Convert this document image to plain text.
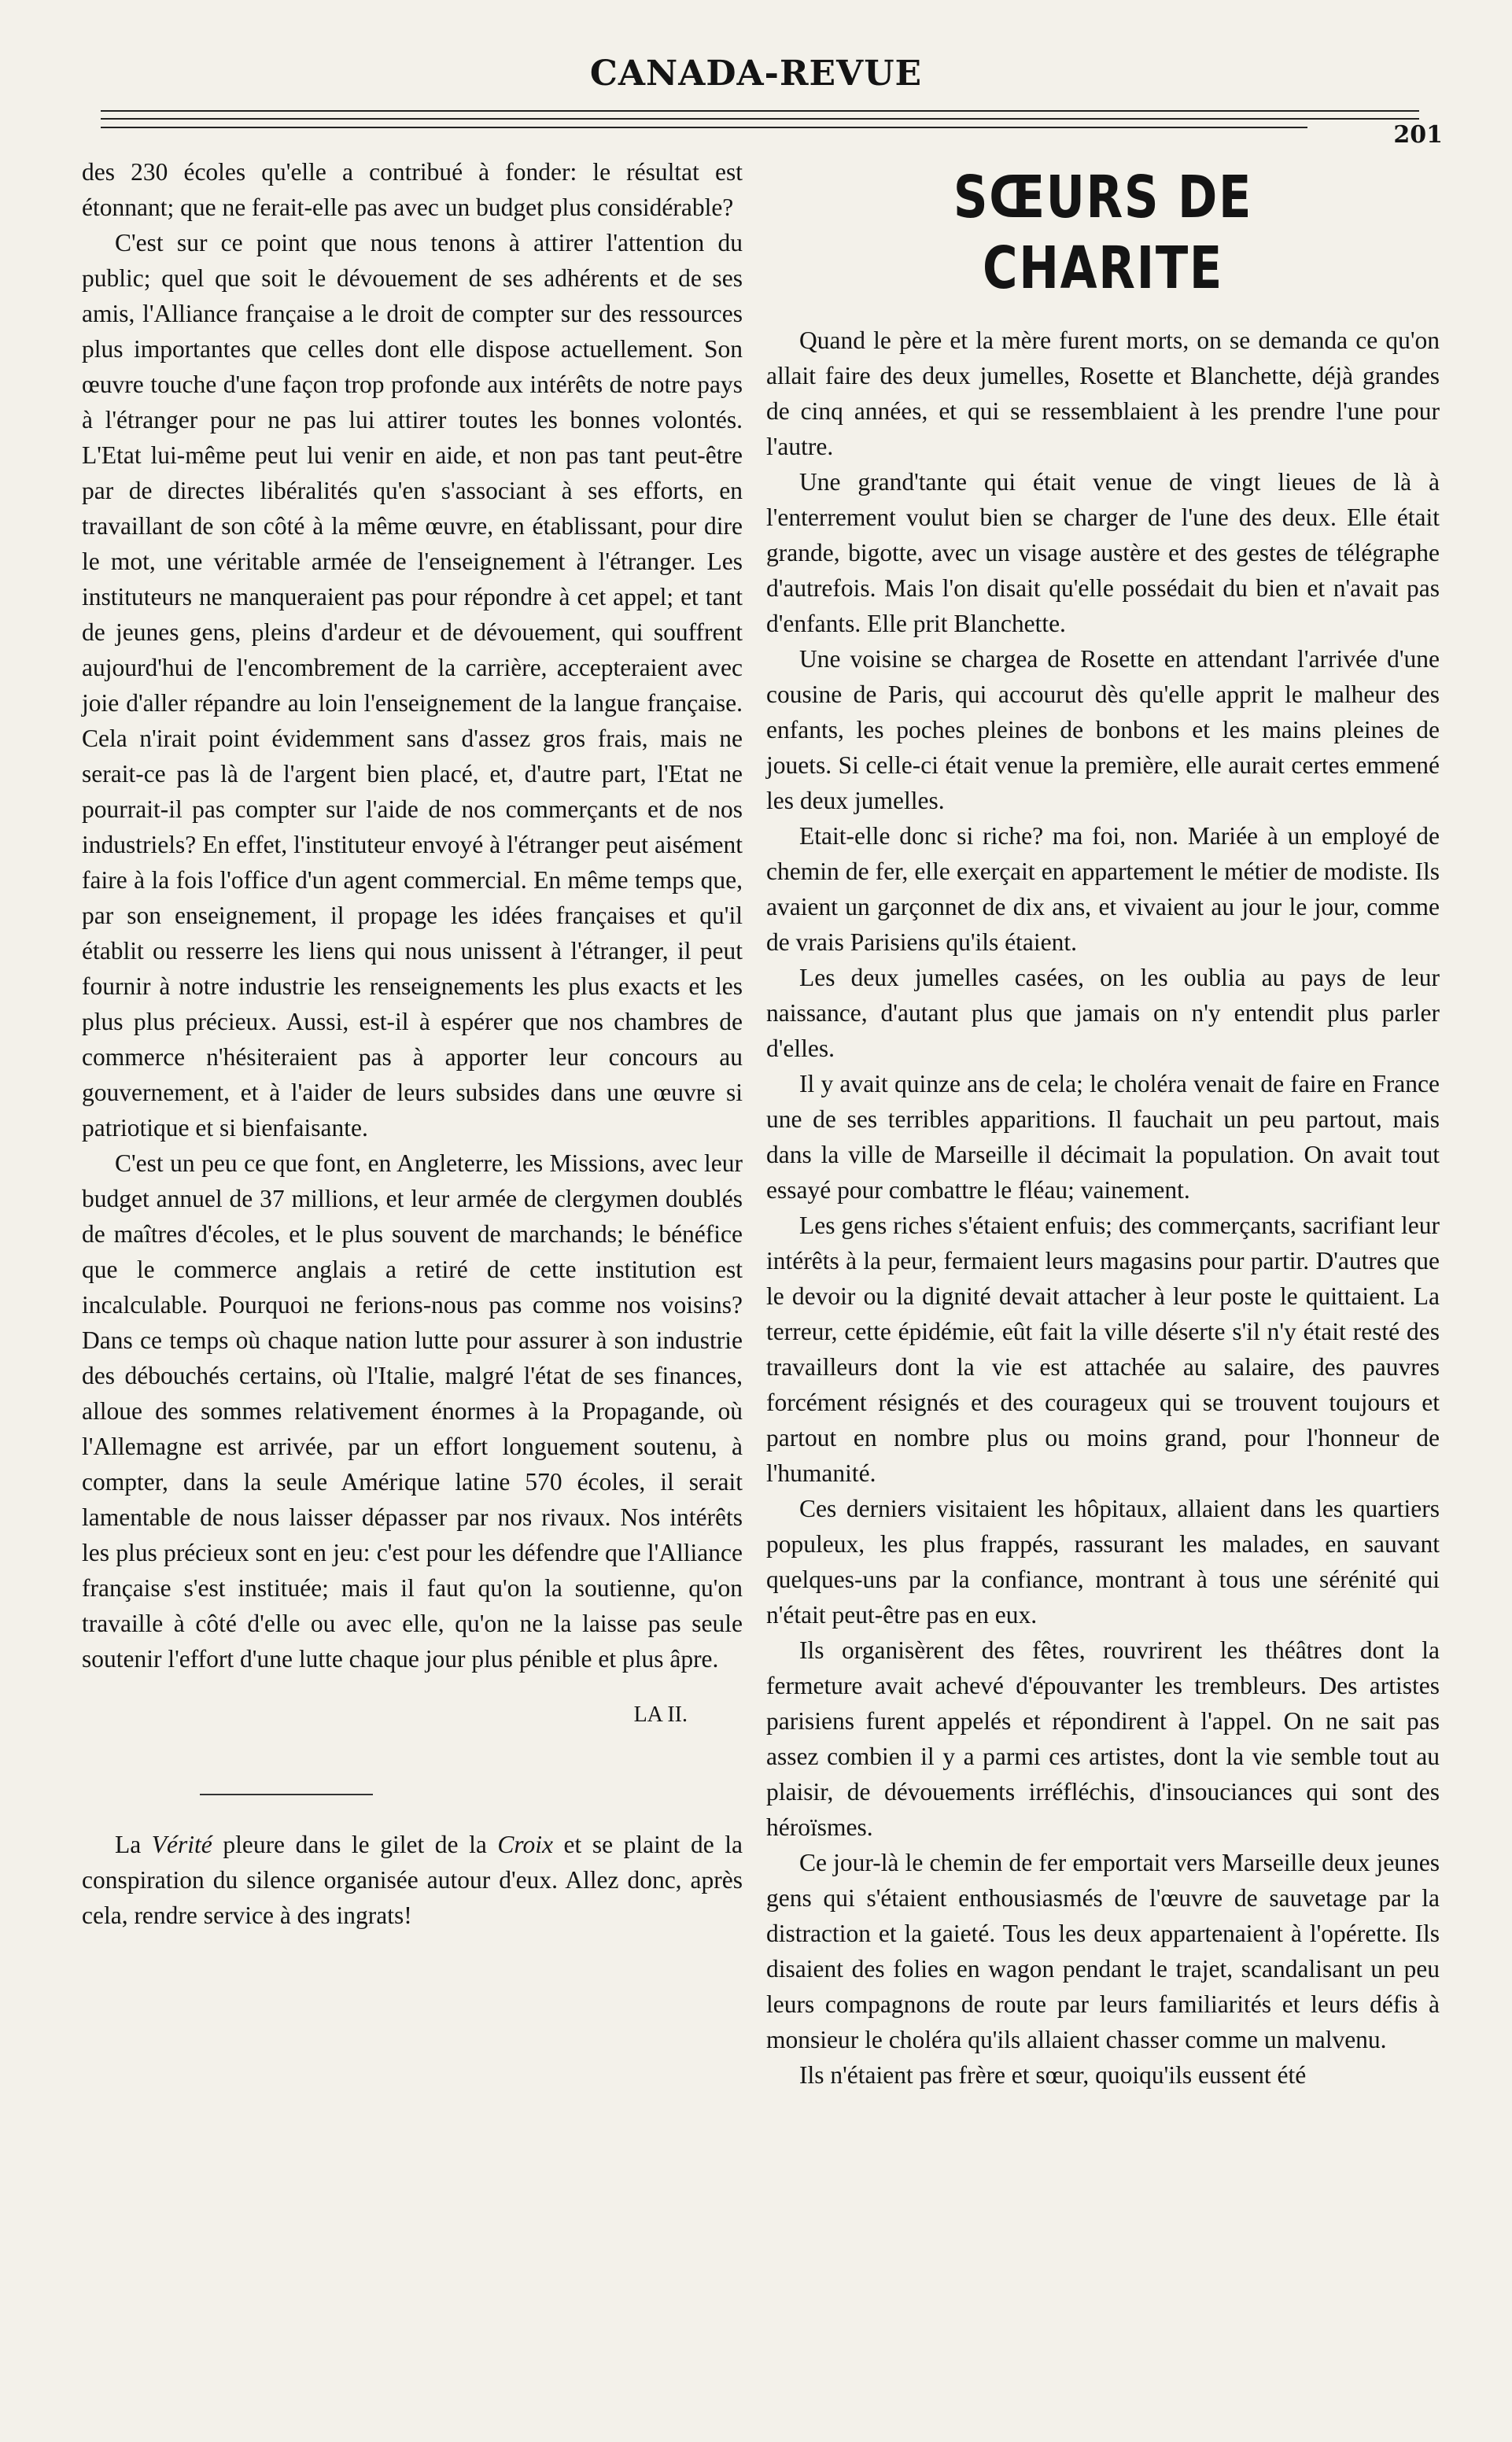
CANADA-REVUE
201

des 230 écoles qu'elle a contribué à fonder: le résultat est étonnant; que ne ferait-elle pas avec un budget plus considérable?

C'est sur ce point que nous tenons à attirer l'attention du public; quel que soit le dévouement de ses adhérents et de ses amis, l'Alliance française a le droit de compter sur des ressources plus importantes que celles dont elle dispose actuellement. Son œuvre touche d'une façon trop profonde aux intérêts de notre pays à l'étranger pour ne pas lui attirer toutes les bonnes volontés. L'Etat lui-même peut lui venir en aide, et non pas tant peut-être par de directes libéralités qu'en s'associant à ses efforts, en travaillant de son côté à la même œuvre, en établissant, pour dire le mot, une véritable armée de l'enseignement à l'étranger. Les instituteurs ne manqueraient pas pour répondre à cet appel; et tant de jeunes gens, pleins d'ardeur et de dévouement, qui souffrent aujourd'hui de l'encombrement de la carrière, accepteraient avec joie d'aller répandre au loin l'enseignement de la langue française. Cela n'irait point évidemment sans d'assez gros frais, mais ne serait-ce pas là de l'argent bien placé, et, d'autre part, l'Etat ne pourrait-il pas compter sur l'aide de nos commerçants et de nos industriels? En effet, l'instituteur envoyé à l'étranger peut aisément faire à la fois l'office d'un agent commercial. En même temps que, par son enseignement, il propage les idées françaises et qu'il établit ou resserre les liens qui nous unissent à l'étranger, il peut fournir à notre industrie les renseignements les plus exacts et les plus plus précieux. Aussi, est-il à espérer que nos chambres de commerce n'hésiteraient pas à apporter leur concours au gouvernement, et à l'aider de leurs subsides dans une œuvre si patriotique et si bienfaisante.

C'est un peu ce que font, en Angleterre, les Missions, avec leur budget annuel de 37 millions, et leur armée de clergymen doublés de maîtres d'écoles, et le plus souvent de marchands; le bénéfice que le commerce anglais a retiré de cette institution est incalculable. Pourquoi ne ferions-nous pas comme nos voisins? Dans ce temps où chaque nation lutte pour assurer à son industrie des débouchés certains, où l'Italie, malgré l'état de ses finances, alloue des sommes relativement énormes à la Propagande, où l'Allemagne est arrivée, par un effort longuement soutenu, à compter, dans la seule Amérique latine 570 écoles, il serait lamentable de nous laisser dépasser par nos rivaux. Nos intérêts les plus précieux sont en jeu: c'est pour les défendre que l'Alliance française s'est instituée; mais il faut qu'on la soutienne, qu'on travaille à côté d'elle ou avec elle, qu'on ne la laisse pas seule soutenir l'effort d'une lutte chaque jour plus pénible et plus âpre.

LA II.

La Vérité pleure dans le gilet de la Croix et se plaint de la conspiration du silence organisée autour d'eux. Allez donc, après cela, rendre service à des ingrats!

SŒURS DE CHARITE

Quand le père et la mère furent morts, on se demanda ce qu'on allait faire des deux jumelles, Rosette et Blanchette, déjà grandes de cinq années, et qui se ressemblaient à les prendre l'une pour l'autre.

Une grand'tante qui était venue de vingt lieues de là à l'enterrement voulut bien se charger de l'une des deux. Elle était grande, bigotte, avec un visage austère et des gestes de télégraphe d'autrefois. Mais l'on disait qu'elle possédait du bien et n'avait pas d'enfants. Elle prit Blanchette.

Une voisine se chargea de Rosette en attendant l'arrivée d'une cousine de Paris, qui accourut dès qu'elle apprit le malheur des enfants, les poches pleines de bonbons et les mains pleines de jouets. Si celle-ci était venue la première, elle aurait certes emmené les deux jumelles.

Etait-elle donc si riche? ma foi, non. Mariée à un employé de chemin de fer, elle exerçait en appartement le métier de modiste. Ils avaient un garçonnet de dix ans, et vivaient au jour le jour, comme de vrais Parisiens qu'ils étaient.

Les deux jumelles casées, on les oublia au pays de leur naissance, d'autant plus que jamais on n'y entendit plus parler d'elles.

Il y avait quinze ans de cela; le choléra venait de faire en France une de ses terribles apparitions. Il fauchait un peu partout, mais dans la ville de Marseille il décimait la population. On avait tout essayé pour combattre le fléau; vainement.

Les gens riches s'étaient enfuis; des commerçants, sacrifiant leur intérêts à la peur, fermaient leurs magasins pour partir. D'autres que le devoir ou la dignité devait attacher à leur poste le quittaient. La terreur, cette épidémie, eût fait la ville déserte s'il n'y était resté des travailleurs dont la vie est attachée au salaire, des pauvres forcément résignés et des courageux qui se trouvent toujours et partout en nombre plus ou moins grand, pour l'honneur de l'humanité.

Ces derniers visitaient les hôpitaux, allaient dans les quartiers populeux, les plus frappés, rassurant les malades, en sauvant quelques-uns par la confiance, montrant à tous une sérénité qui n'était peut-être pas en eux.

Ils organisèrent des fêtes, rouvrirent les théâtres dont la fermeture avait achevé d'épouvanter les trembleurs. Des artistes parisiens furent appelés et répondirent à l'appel. On ne sait pas assez combien il y a parmi ces artistes, dont la vie semble tout au plaisir, de dévouements irréfléchis, d'insouciances qui sont des héroïsmes.

Ce jour-là le chemin de fer emportait vers Marseille deux jeunes gens qui s'étaient enthousiasmés de l'œuvre de sauvetage par la distraction et la gaieté. Tous les deux appartenaient à l'opérette. Ils disaient des folies en wagon pendant le trajet, scandalisant un peu leurs compagnons de route par leurs familiarités et leurs défis à monsieur le choléra qu'ils allaient chasser comme un malvenu.

Ils n'étaient pas frère et sœur, quoiqu'ils eussent été
